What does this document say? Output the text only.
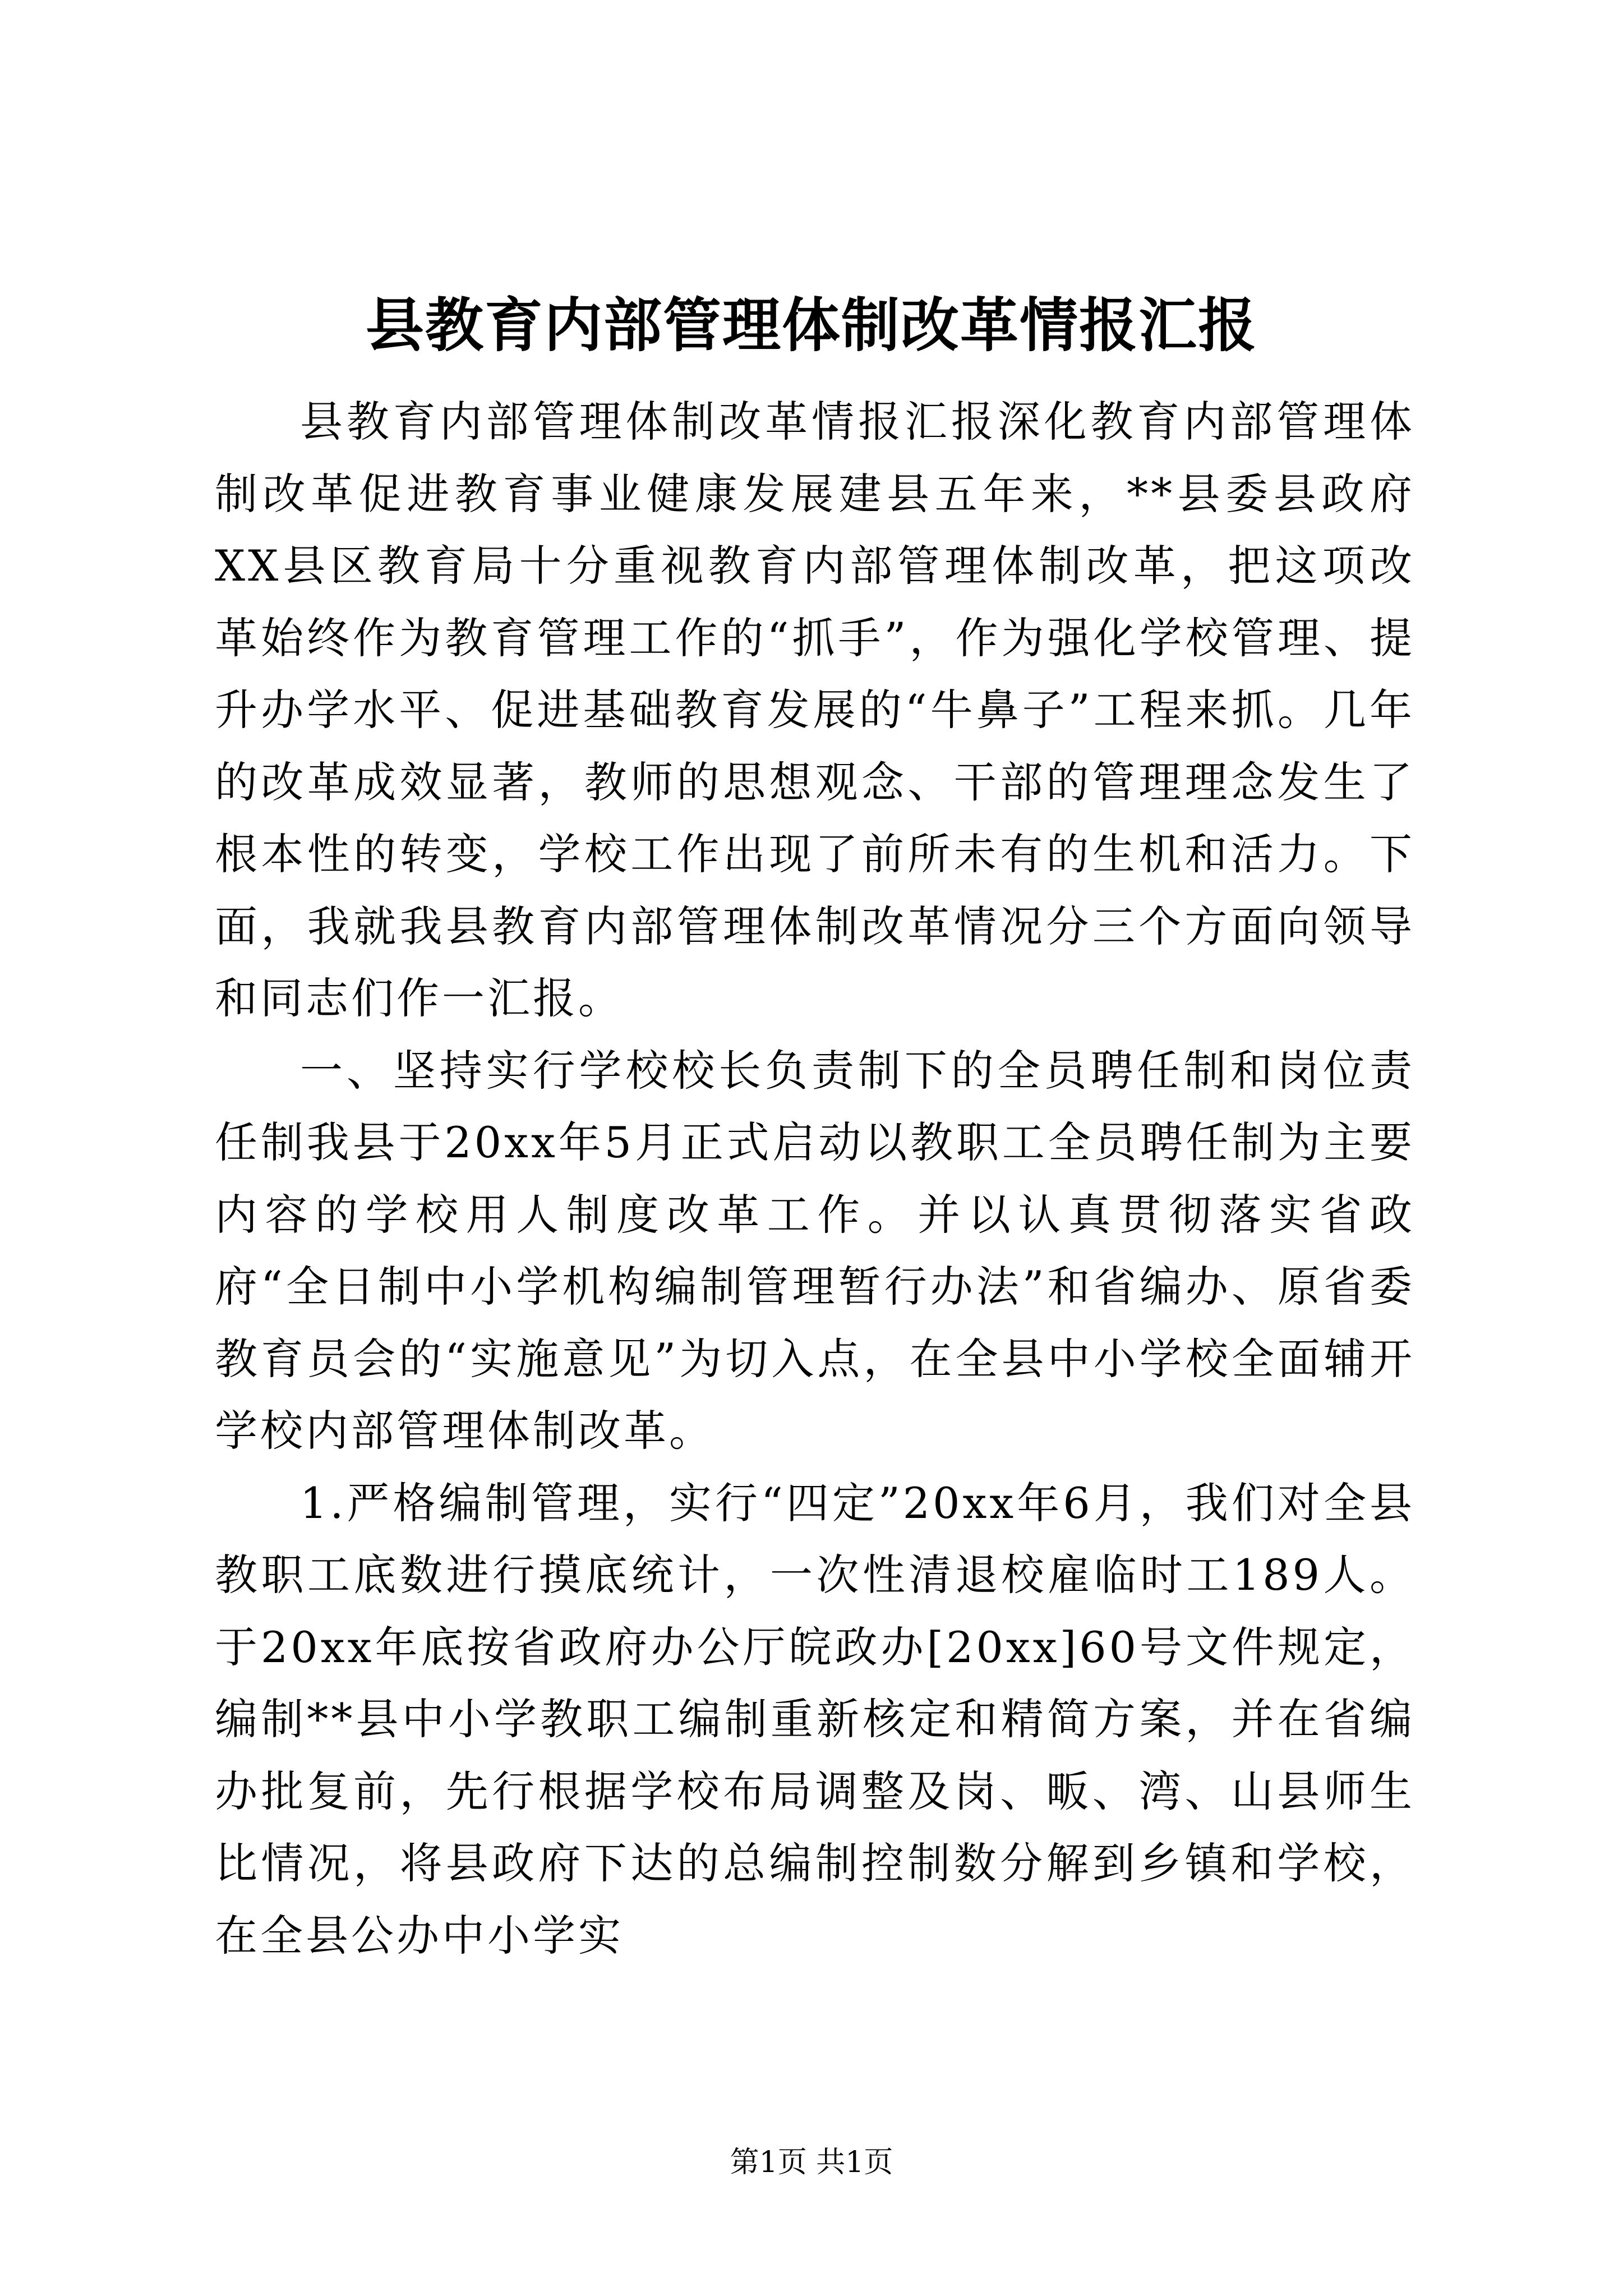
县教育内部管理体制改革情报汇报

县教育内部管理体制改革情报汇报深化教育内部管理体制改革促进教育事业健康发展建县五年来，**县委县政府XX县区教育局十分重视教育内部管理体制改革，把这项改革始终作为教育管理工作的“抓手”，作为强化学校管理、提升办学水平、促进基础教育发展的“牛鼻子”工程来抓。几年的改革成效显著，教师的思想观念、干部的管理理念发生了根本性的转变，学校工作出现了前所未有的生机和活力。下面，我就我县教育内部管理体制改革情况分三个方面向领导和同志们作一汇报。

一、坚持实行学校校长负责制下的全员聘任制和岗位责任制我县于20xx年5月正式启动以教职工全员聘任制为主要内容的学校用人制度改革工作。并以认真贯彻落实省政府“全日制中小学机构编制管理暂行办法”和省编办、原省委教育员会的“实施意见”为切入点，在全县中小学校全面辅开学校内部管理体制改革。

1.严格编制管理，实行“四定”20xx年6月，我们对全县教职工底数进行摸底统计，一次性清退校雇临时工189人。于20xx年底按省政府办公厅皖政办[20xx]60号文件规定，编制**县中小学教职工编制重新核定和精简方案，并在省编办批复前，先行根据学校布局调整及岗、畈、湾、山县师生比情况，将县政府下达的总编制控制数分解到乡镇和学校，在全县公办中小学实

第1页 共1页
